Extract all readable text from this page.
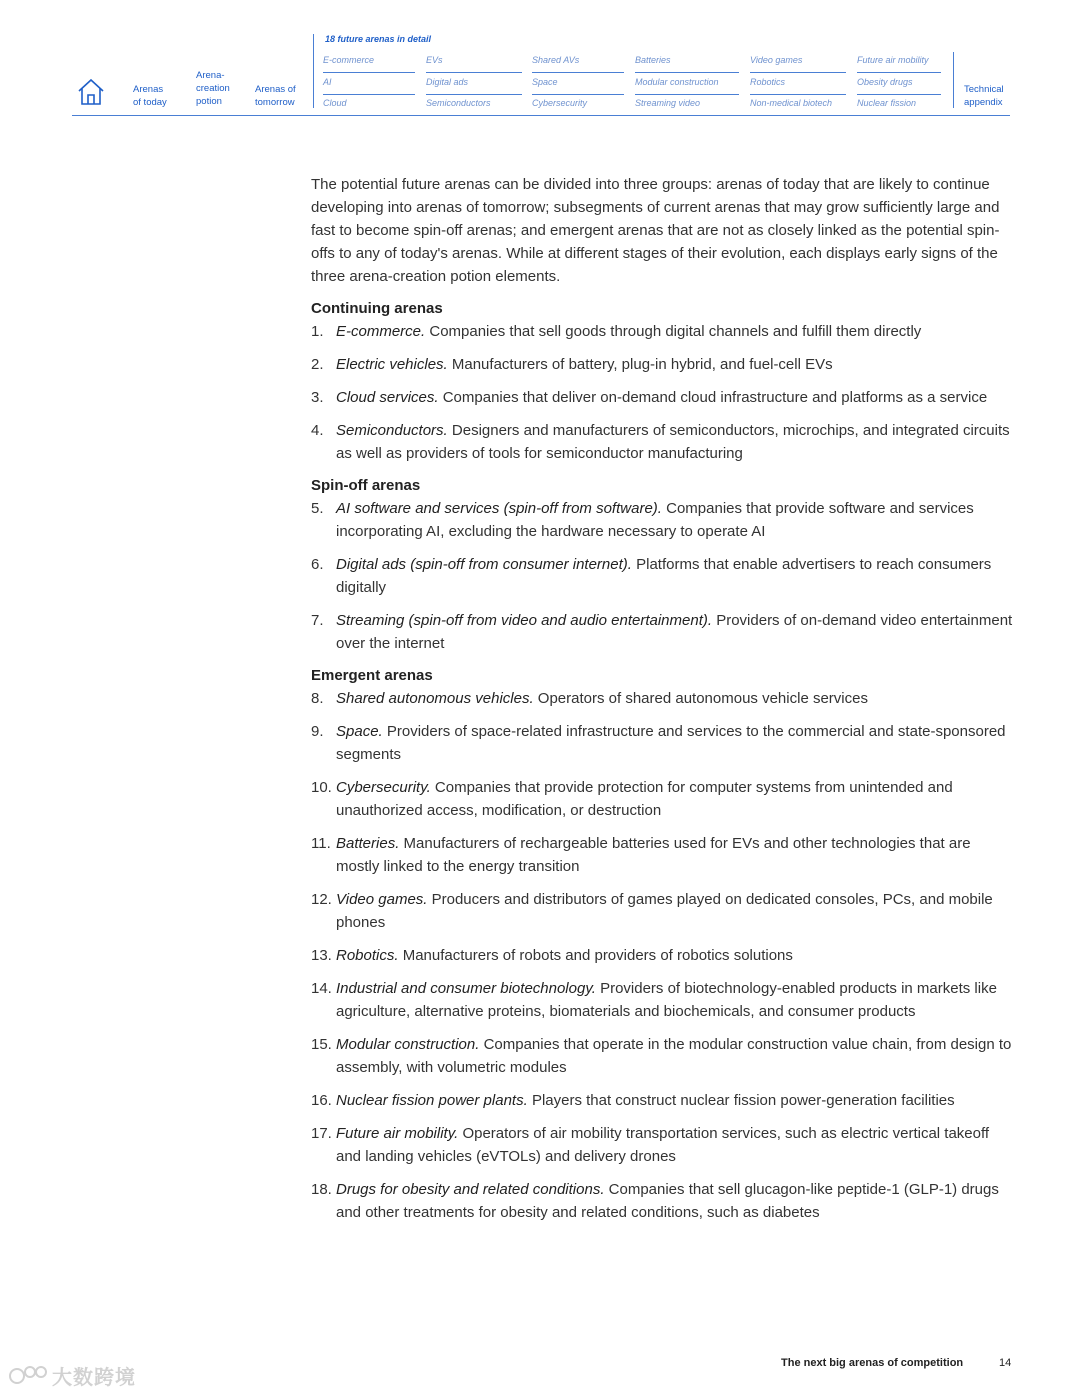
Arenas
of today
Arena-
creation
potion
Arenas of
tomorrow
18 future arenas in detail
E-commerce	EVs	Shared AVs	Batteries	Video games	Future air mobility
AI	Digital ads	Space	Modular construction	Robotics	Obesity drugs
Cloud	Semiconductors	Cybersecurity	Streaming video	Non-medical biotech	Nuclear fission
Technical
appendix

The potential future arenas can be divided into three groups: arenas of today that are likely to continue developing into arenas of tomorrow; subsegments of current arenas that may grow sufficiently large and fast to become spin-off arenas; and emergent arenas that are not as closely linked as the potential spin-offs to any of today's arenas. While at different stages of their evolution, each displays early signs of the three arena-creation potion elements.

Continuing arenas
1. E-commerce. Companies that sell goods through digital channels and fulfill them directly
2. Electric vehicles. Manufacturers of battery, plug-in hybrid, and fuel-cell EVs
3. Cloud services. Companies that deliver on-demand cloud infrastructure and platforms as a service
4. Semiconductors. Designers and manufacturers of semiconductors, microchips, and integrated circuits as well as providers of tools for semiconductor manufacturing
Spin-off arenas
5. AI software and services (spin-off from software). Companies that provide software and services incorporating AI, excluding the hardware necessary to operate AI
6. Digital ads (spin-off from consumer internet). Platforms that enable advertisers to reach consumers digitally
7. Streaming (spin-off from video and audio entertainment). Providers of on-demand video entertainment over the internet
Emergent arenas
8. Shared autonomous vehicles. Operators of shared autonomous vehicle services
9. Space. Providers of space-related infrastructure and services to the commercial and state-sponsored segments
10. Cybersecurity. Companies that provide protection for computer systems from unintended and unauthorized access, modification, or destruction
11. Batteries. Manufacturers of rechargeable batteries used for EVs and other technologies that are mostly linked to the energy transition
12. Video games. Producers and distributors of games played on dedicated consoles, PCs, and mobile phones
13. Robotics. Manufacturers of robots and providers of robotics solutions
14. Industrial and consumer biotechnology. Providers of biotechnology-enabled products in markets like agriculture, alternative proteins, biomaterials and biochemicals, and consumer products
15. Modular construction. Companies that operate in the modular construction value chain, from design to assembly, with volumetric modules
16. Nuclear fission power plants. Players that construct nuclear fission power-generation facilities
17. Future air mobility. Operators of air mobility transportation services, such as electric vertical takeoff and landing vehicles (eVTOLs) and delivery drones
18. Drugs for obesity and related conditions. Companies that sell glucagon-like peptide-1 (GLP-1) drugs and other treatments for obesity and related conditions, such as diabetes
The next big arenas of competition	14
大数跨境
